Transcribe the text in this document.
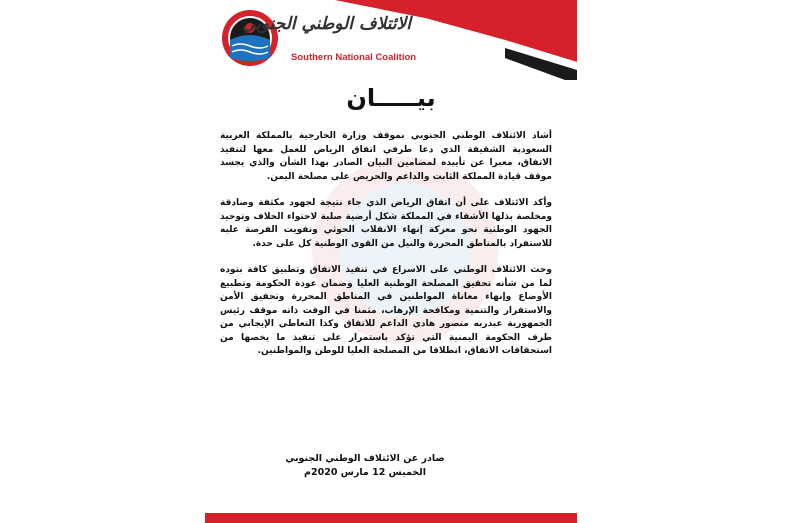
الائتلاف الوطني الجنوبي
Southern National Coalition
بيـــــان

أشاد الائتلاف الوطني الجنوبي بموقف وزارة الخارجية بالمملكة العربية السعودية الشقيقة الذي دعا طرفي اتفاق الرياض للعمل معها لتنفيذ الاتفاق، معبرا عن تأييده لمضامين البيان الصادر بهذا الشأن والذي يجسد موقف قيادة المملكة الثابت والداعم والحريص على مصلحة اليمن.

وأكد الائتلاف على أن اتفاق الرياض الذي جاء نتيجة لجهود مكثفة وصادقة ومخلصة بذلها الأشقاء في المملكة شكل أرضية صلبة لاحتواء الخلاف وتوحيد الجهود الوطنية نحو معركة إنهاء الانقلاب الحوثي وتفويت الفرصة عليه للاستفراد بالمناطق المحررة والنيل من القوى الوطنية كل على حدة.

وحث الائتلاف الوطني على الاسراع في تنفيذ الاتفاق وتطبيق كافة بنوده لما من شأنه تحقيق المصلحة الوطنية العليا وضمان عودة الحكومة وتطبيع الأوضاع وإنهاء معاناة المواطنين في المناطق المحررة وتحقيق الأمن والاستقرار والتنمية ومكافحة الإرهاب، مثمنا في الوقت ذاته موقف رئيس الجمهورية عبدربه منصور هادي الداعم للاتفاق وكذا التعاطي الإيجابي من طرف الحكومة اليمنية التي تؤكد باستمرار على تنفيذ ما يخصها من استحقاقات الاتفاق، انطلاقا من المصلحة العليا للوطن والمواطنين.

صادر عن الائتلاف الوطني الجنوبي
الخميس 12 مارس 2020م
